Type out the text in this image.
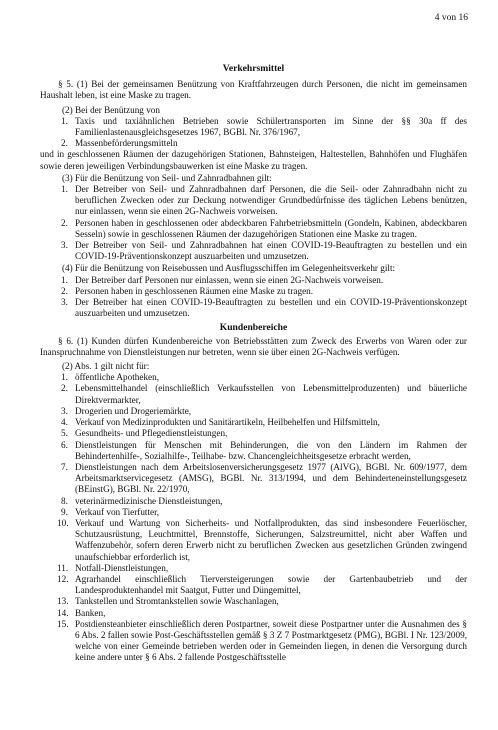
4 von 16
Verkehrsmittel

§ 5. (1) Bei der gemeinsamen Benützung von Kraftfahrzeugen durch Personen, die nicht im gemeinsamen Haushalt leben, ist eine Maske zu tragen.

(2) Bei der Benützung von

1. Taxis und taxiähnlichen Betrieben sowie Schülertransporten im Sinne der §§ 30a ff des Familienlastenausgleichsgesetzes 1967, BGBl. Nr. 376/1967,
2. Massenbeförderungsmitteln

und in geschlossenen Räumen der dazugehörigen Stationen, Bahnsteigen, Haltestellen, Bahnhöfen und Flughäfen sowie deren jeweiligen Verbindungsbauwerken ist eine Maske zu tragen.

(3) Für die Benützung von Seil- und Zahnradbahnen gilt:

1. Der Betreiber von Seil- und Zahnradbahnen darf Personen, die die Seil- oder Zahnradbahn nicht zu beruflichen Zwecken oder zur Deckung notwendiger Grundbedürfnisse des täglichen Lebens benützen, nur einlassen, wenn sie einen 2G-Nachweis vorweisen.
2. Personen haben in geschlossenen oder abdeckbaren Fahrbetriebsmitteln (Gondeln, Kabinen, abdeckbaren Sesseln) sowie in geschlossenen Räumen der dazugehörigen Stationen eine Maske zu tragen.
3. Der Betreiber von Seil- und Zahnradbahnen hat einen COVID-19-Beauftragten zu bestellen und ein COVID-19-Präventionskonzept auszuarbeiten und umzusetzen.

(4) Für die Benützung von Reisebussen und Ausflugsschiffen im Gelegenheitsverkehr gilt:

1. Der Betreiber darf Personen nur einlassen, wenn sie einen 2G-Nachweis vorweisen.
2. Personen haben in geschlossenen Räumen eine Maske zu tragen.
3. Der Betreiber hat einen COVID-19-Beauftragten zu bestellen und ein COVID-19-Präventionskonzept auszuarbeiten und umzusetzen.
Kundenbereiche

§ 6. (1) Kunden dürfen Kundenbereiche von Betriebsstätten zum Zweck des Erwerbs von Waren oder zur Inanspruchnahme von Dienstleistungen nur betreten, wenn sie über einen 2G-Nachweis verfügen.

(2) Abs. 1 gilt nicht für:

1. öffentliche Apotheken,
2. Lebensmittelhandel (einschließlich Verkaufsstellen von Lebensmittelproduzenten) und bäuerliche Direktvermarkter,
3. Drogerien und Drogeriemärkte,
4. Verkauf von Medizinprodukten und Sanitärartikeln, Heilbehelfen und Hilfsmitteln,
5. Gesundheits- und Pflegedienstleistungen,
6. Dienstleistungen für Menschen mit Behinderungen, die von den Ländern im Rahmen der Behindertenhilfe-, Sozialhilfe-, Teilhabe- bzw. Chancengleichheitsgesetze erbracht werden,
7. Dienstleistungen nach dem Arbeitslosenversicherungsgesetz 1977 (AlVG), BGBl. Nr. 609/1977, dem Arbeitsmarktservicegesetz (AMSG), BGBl. Nr. 313/1994, und dem Behinderteneinstellungsgesetz (BEinstG), BGBl. Nr. 22/1970,
8. veterinärmedizinische Dienstleistungen,
9. Verkauf von Tierfutter,
10. Verkauf und Wartung von Sicherheits- und Notfallprodukten, das sind insbesondere Feuerlöscher, Schutzausrüstung, Leuchtmittel, Brennstoffe, Sicherungen, Salzstreumittel, nicht aber Waffen und Waffenzubehör, sofern deren Erwerb nicht zu beruflichen Zwecken aus gesetzlichen Gründen zwingend unaufschiebbar erforderlich ist,
11. Notfall-Dienstleistungen,
12. Agrarhandel einschließlich Tierversteigerungen sowie der Gartenbaubetrieb und der Landesproduktenhandel mit Saatgut, Futter und Düngemittel,
13. Tankstellen und Stromtankstellen sowie Waschanlagen,
14. Banken,
15. Postdiensteanbieter einschließlich deren Postpartner, soweit diese Postpartner unter die Ausnahmen des § 6 Abs. 2 fallen sowie Post-Geschäftsstellen gemäß § 3 Z 7 Postmarktgesetz (PMG), BGBl. I Nr. 123/2009, welche von einer Gemeinde betrieben werden oder in Gemeinden liegen, in denen die Versorgung durch keine andere unter § 6 Abs. 2 fallende Postgeschäftsstelle
